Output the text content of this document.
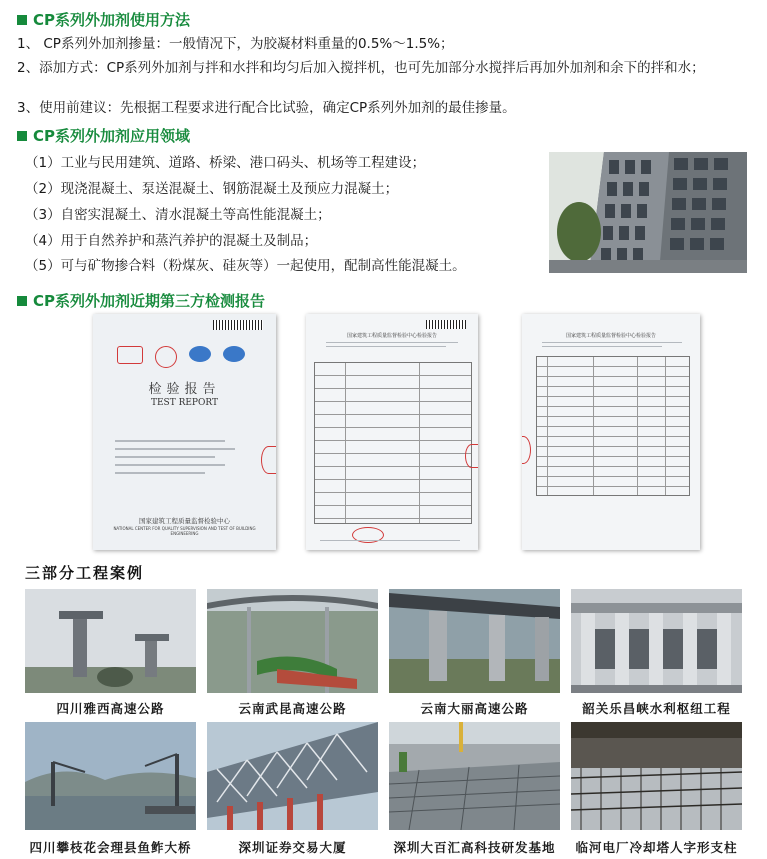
CP系列外加剂使用方法
1、 CP系列外加剂掺量：一般情况下，为胶凝材料重量的0.5%～1.5%；
2、添加方式：CP系列外加剂与拌和水拌和均匀后加入搅拌机，也可先加部分水搅拌后再加外加剂和余下的拌和水；
3、使用前建议：先根据工程要求进行配合比试验，确定CP系列外加剂的最佳掺量。
CP系列外加剂应用领域
（1）工业与民用建筑、道路、桥梁、港口码头、机场等工程建设；
（2）现浇混凝土、泵送混凝土、钢筋混凝土及预应力混凝土；
（3）自密实混凝土、清水混凝土等高性能混凝土；
（4）用于自然养护和蒸汽养护的混凝土及制品；
（5）可与矿物掺合料（粉煤灰、硅灰等）一起使用，配制高性能混凝土。
CP系列外加剂近期第三方检测报告
检验报告
TEST REPORT
国家建筑工程质量监督检验中心
NATIONAL CENTER FOR QUALITY SUPERVISION AND TEST OF BUILDING ENGINEERING
国家建筑工程质量监督检验中心检验报告	国家建筑工程质量监督检验中心检验报告
三部分工程案例
四川雅西高速公路	云南武昆高速公路	云南大丽高速公路	韶关乐昌峡水利枢纽工程
四川攀枝花会理县鱼鲊大桥	深圳证券交易大厦	深圳大百汇高科技研发基地	临河电厂冷却塔人字形支柱
